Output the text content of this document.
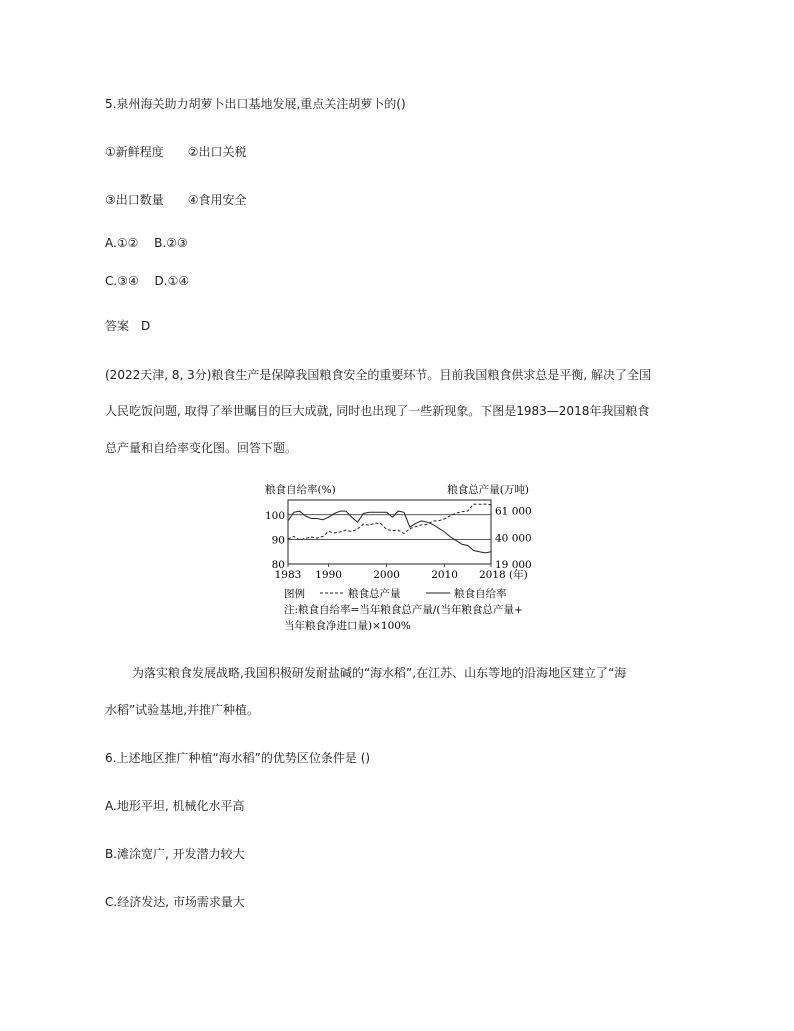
5.泉州海关助力胡萝卜出口基地发展,重点关注胡萝卜的()
①新鲜程度　　②出口关税
③出口数量　　④食用安全
A.①②　 B.②③
C.③④　 D.①④
答案　D
(2022天津, 8, 3分)粮食生产是保障我国粮食安全的重要环节。目前我国粮食供求总是平衡, 解决了全国
人民吃饭问题, 取得了举世瞩目的巨大成就, 同时也出现了一些新现象。下图是1983—2018年我国粮食
总产量和自给率变化图。回答下题。
粮食自给率(%)	粮食总产量(万吨)
100
90
80
61 000
40 000
19 000
1983 1990	2000	2010 2018 (年)
图例	粮食总产量	粮食自给率
注:粮食自给率=当年粮食总产量/(当年粮食总产量+
当年粮食净进口量)×100%
为落实粮食发展战略,我国积极研发耐盐碱的“海水稻”,在江苏、山东等地的沿海地区建立了“海
水稻”试验基地,并推广种植。
6.上述地区推广种植“海水稻”的优势区位条件是 ()
A.地形平坦, 机械化水平高
B.滩涂宽广, 开发潜力较大
C.经济发达, 市场需求量大
